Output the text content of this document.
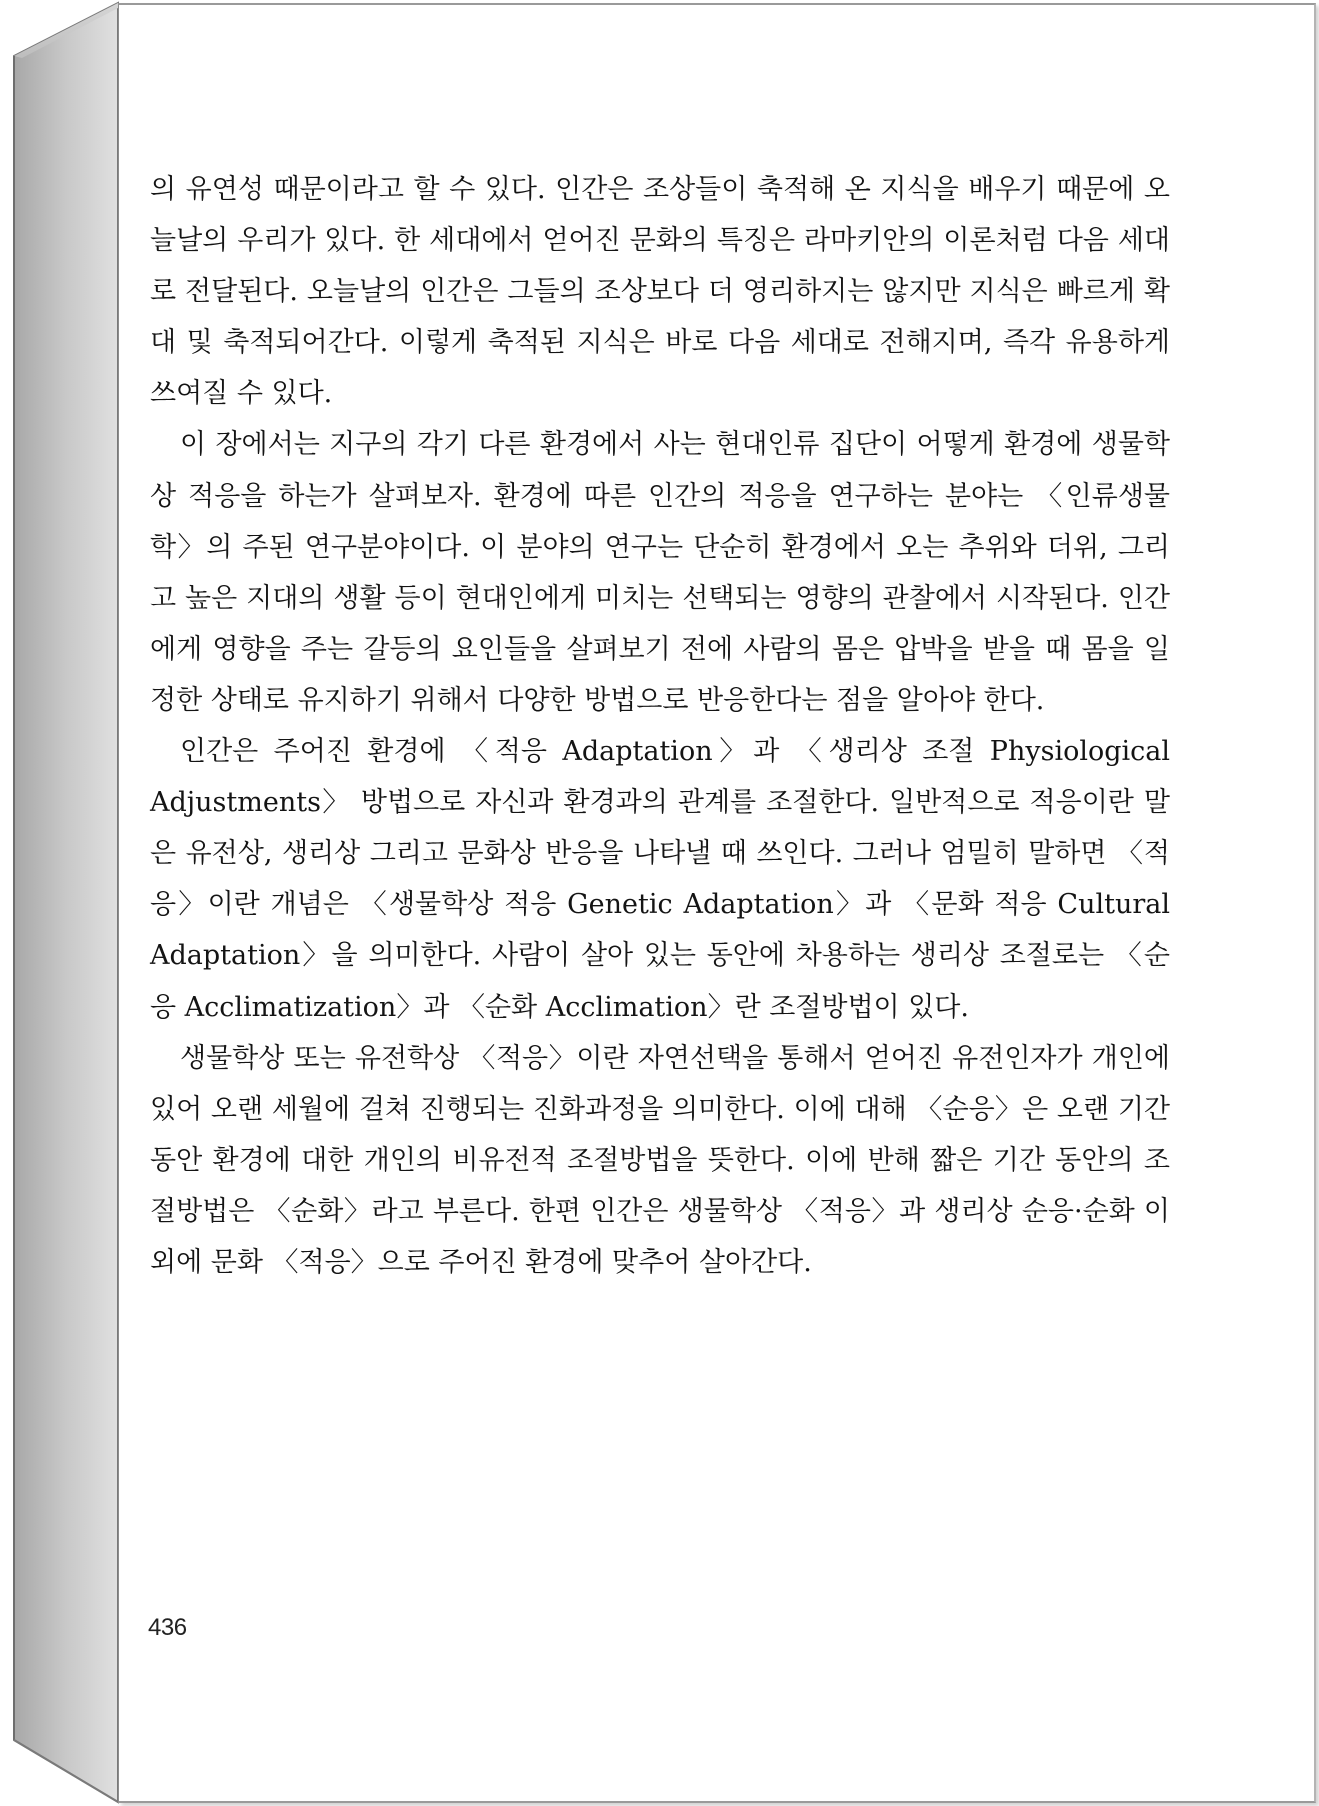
의 유연성 때문이라고 할 수 있다. 인간은 조상들이 축적해 온 지식을 배우기 때문에 오늘날의 우리가 있다. 한 세대에서 얻어진 문화의 특징은 라마키안의 이론처럼 다음 세대로 전달된다. 오늘날의 인간은 그들의 조상보다 더 영리하지는 않지만 지식은 빠르게 확대 및 축적되어간다. 이렇게 축적된 지식은 바로 다음 세대로 전해지며, 즉각 유용하게 쓰여질 수 있다.

이 장에서는 지구의 각기 다른 환경에서 사는 현대인류 집단이 어떻게 환경에 생물학상 적응을 하는가 살펴보자. 환경에 따른 인간의 적응을 연구하는 분야는 〈인류생물학〉의 주된 연구분야이다. 이 분야의 연구는 단순히 환경에서 오는 추위와 더위, 그리고 높은 지대의 생활 등이 현대인에게 미치는 선택되는 영향의 관찰에서 시작된다. 인간에게 영향을 주는 갈등의 요인들을 살펴보기 전에 사람의 몸은 압박을 받을 때 몸을 일정한 상태로 유지하기 위해서 다양한 방법으로 반응한다는 점을 알아야 한다.

인간은 주어진 환경에 〈적응 Adaptation〉과 〈생리상 조절 Physiological Adjustments〉 방법으로 자신과 환경과의 관계를 조절한다. 일반적으로 적응이란 말은 유전상, 생리상 그리고 문화상 반응을 나타낼 때 쓰인다. 그러나 엄밀히 말하면 〈적응〉이란 개념은 〈생물학상 적응 Genetic Adaptation〉과 〈문화 적응 Cultural Adaptation〉을 의미한다. 사람이 살아 있는 동안에 차용하는 생리상 조절로는 〈순응 Acclimatization〉과 〈순화 Acclimation〉란 조절방법이 있다.

생물학상 또는 유전학상 〈적응〉이란 자연선택을 통해서 얻어진 유전인자가 개인에 있어 오랜 세월에 걸쳐 진행되는 진화과정을 의미한다. 이에 대해 〈순응〉은 오랜 기간 동안 환경에 대한 개인의 비유전적 조절방법을 뜻한다. 이에 반해 짧은 기간 동안의 조절방법은 〈순화〉라고 부른다. 한편 인간은 생물학상 〈적응〉과 생리상 순응·순화 이외에 문화 〈적응〉으로 주어진 환경에 맞추어 살아간다.

436
